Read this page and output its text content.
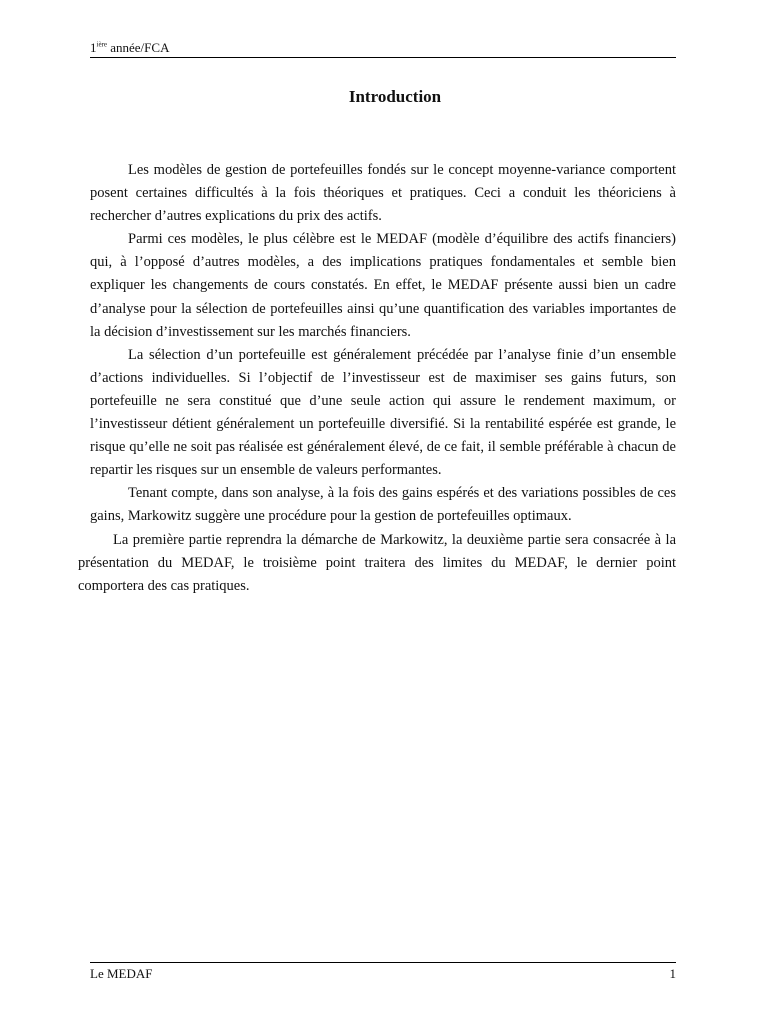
$1^{ière}$ année/FCA
Introduction

Les modèles de gestion de portefeuilles fondés sur le concept moyenne-variance comportent posent certaines difficultés à la fois théoriques et pratiques. Ceci a conduit les théoriciens à rechercher d’autres explications du prix des actifs.

Parmi ces modèles, le plus célèbre est le MEDAF (modèle d’équilibre des actifs financiers) qui, à l’opposé d’autres modèles, a des implications pratiques fondamentales et semble bien expliquer les changements de cours constatés. En effet, le MEDAF présente aussi bien un cadre d’analyse pour la sélection de portefeuilles ainsi qu’une quantification des variables importantes de la décision d’investissement sur les marchés financiers.

La sélection d’un portefeuille est généralement précédée par l’analyse finie d’un ensemble d’actions individuelles. Si l’objectif de l’investisseur est de maximiser ses gains futurs, son portefeuille ne sera constitué que d’une seule action qui assure le rendement maximum, or l’investisseur détient généralement un portefeuille diversifié. Si la rentabilité espérée est grande, le risque qu’elle ne soit pas réalisée est généralement élevé, de ce fait, il semble préférable à chacun de repartir les risques sur un ensemble de valeurs performantes.

Tenant compte, dans son analyse, à la fois des gains espérés et des variations possibles de ces gains, Markowitz suggère une procédure pour la gestion de portefeuilles optimaux.

La première partie reprendra la démarche de Markowitz, la deuxième partie sera consacrée à la présentation du MEDAF, le troisième point traitera des limites du MEDAF, le dernier point comportera des cas pratiques.

Le MEDAF	1
